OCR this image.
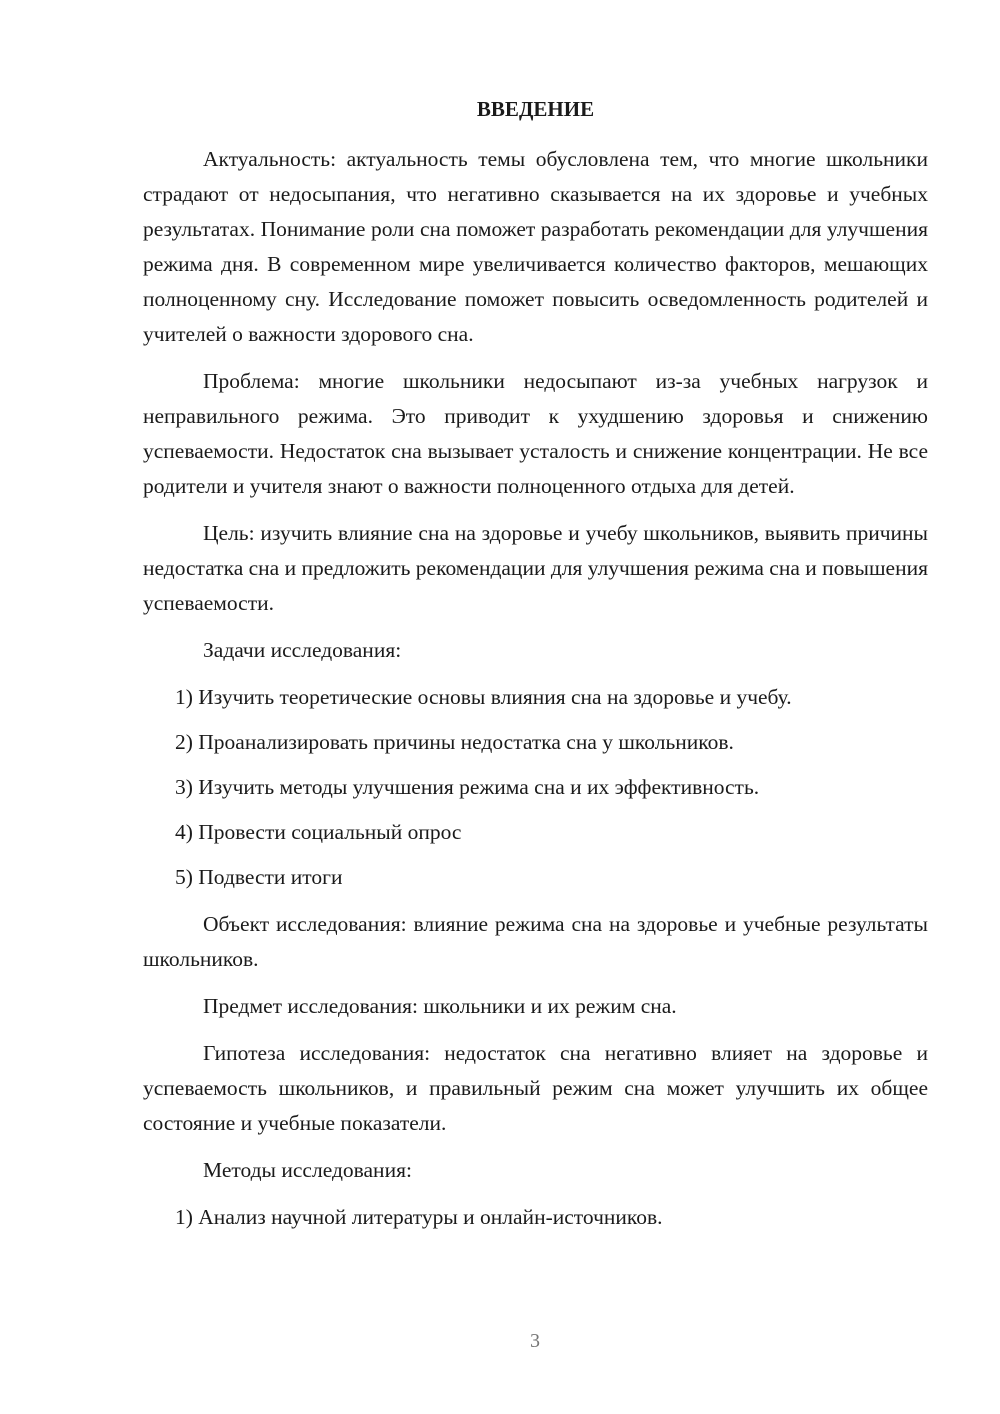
ВВЕДЕНИЕ

Актуальность: актуальность темы обусловлена тем, что многие школьники страдают от недосыпания, что негативно сказывается на их здоровье и учебных результатах. Понимание роли сна поможет разработать рекомендации для улучшения режима дня. В современном мире увеличивается количество факторов, мешающих полноценному сну. Исследование поможет повысить осведомленность родителей и учителей о важности здорового сна.

Проблема: многие школьники недосыпают из-за учебных нагрузок и неправильного режима. Это приводит к ухудшению здоровья и снижению успеваемости. Недостаток сна вызывает усталость и снижение концентрации. Не все родители и учителя знают о важности полноценного отдыха для детей.

Цель: изучить влияние сна на здоровье и учебу школьников, выявить причины недостатка сна и предложить рекомендации для улучшения режима сна и повышения успеваемости.

Задачи исследования:

1) Изучить теоретические основы влияния сна на здоровье и учебу.
2) Проанализировать причины недостатка сна у школьников.
3) Изучить методы улучшения режима сна и их эффективность.
4) Провести социальный опрос
5) Подвести итоги

Объект исследования: влияние режима сна на здоровье и учебные результаты школьников.

Предмет исследования: школьники и их режим сна.

Гипотеза исследования: недостаток сна негативно влияет на здоровье и успеваемость школьников, и правильный режим сна может улучшить их общее состояние и учебные показатели.

Методы исследования:

1) Анализ научной литературы и онлайн-источников.
3
